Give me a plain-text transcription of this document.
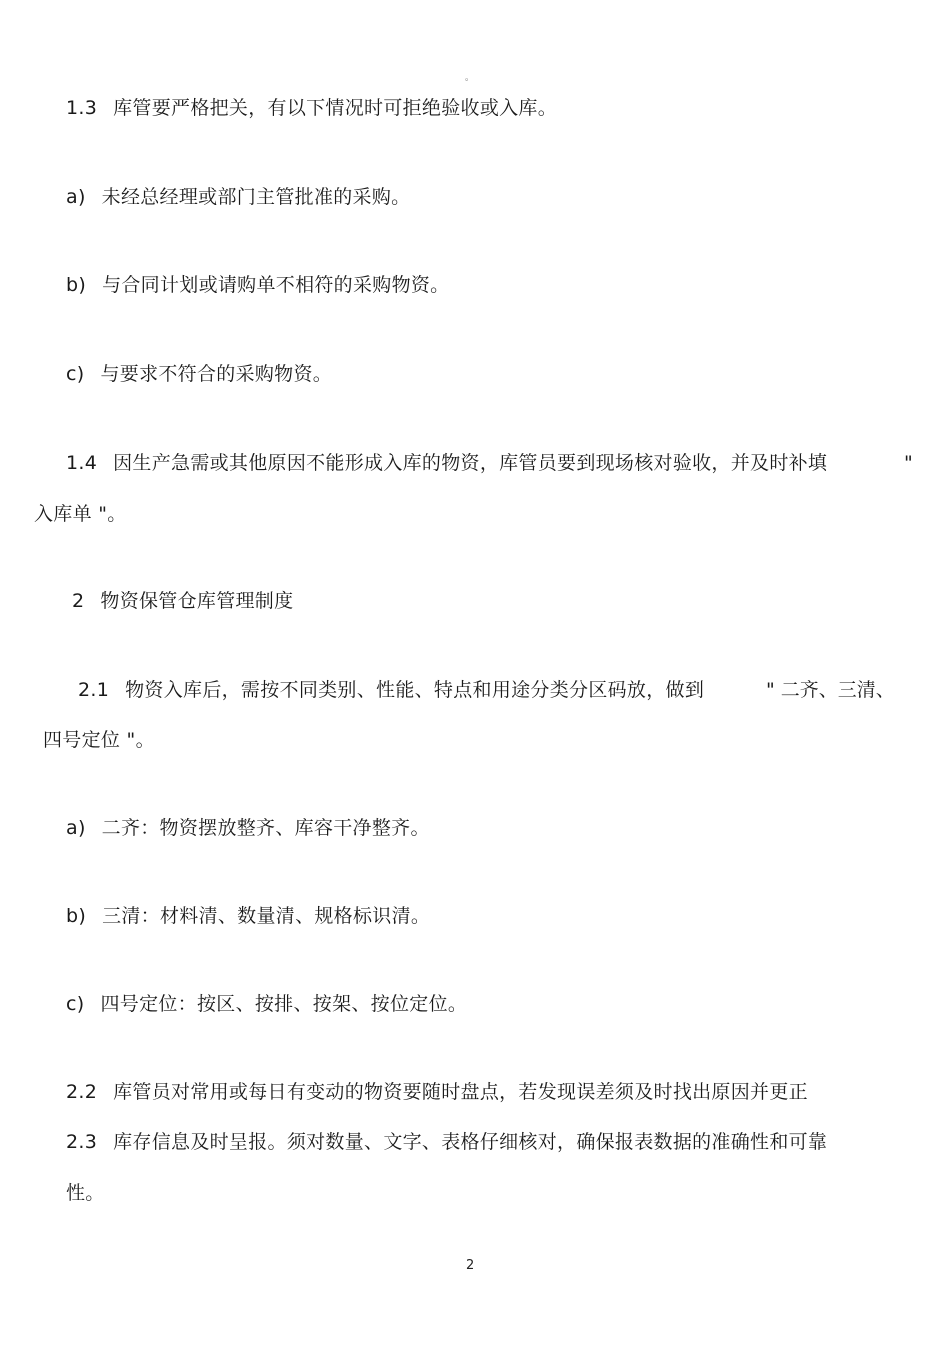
。
1.3 库管要严格把关，有以下情况时可拒绝验收或入库。
a) 未经总经理或部门主管批准的采购。
b) 与合同计划或请购单不相符的采购物资。
c) 与要求不符合的采购物资。
1.4 因生产急需或其他原因不能形成入库的物资，库管员要到现场核对验收，并及时补填	"
入库单 "。
2 物资保管仓库管理制度
2.1 物资入库后，需按不同类别、性能、特点和用途分类分区码放，做到	" 二齐、三清、
四号定位 "。
a) 二齐：物资摆放整齐、库容干净整齐。
b) 三清：材料清、数量清、规格标识清。
c) 四号定位：按区、按排、按架、按位定位。
2.2 库管员对常用或每日有变动的物资要随时盘点，若发现误差须及时找出原因并更正
2.3 库存信息及时呈报。须对数量、文字、表格仔细核对，确保报表数据的准确性和可靠
性。
2
